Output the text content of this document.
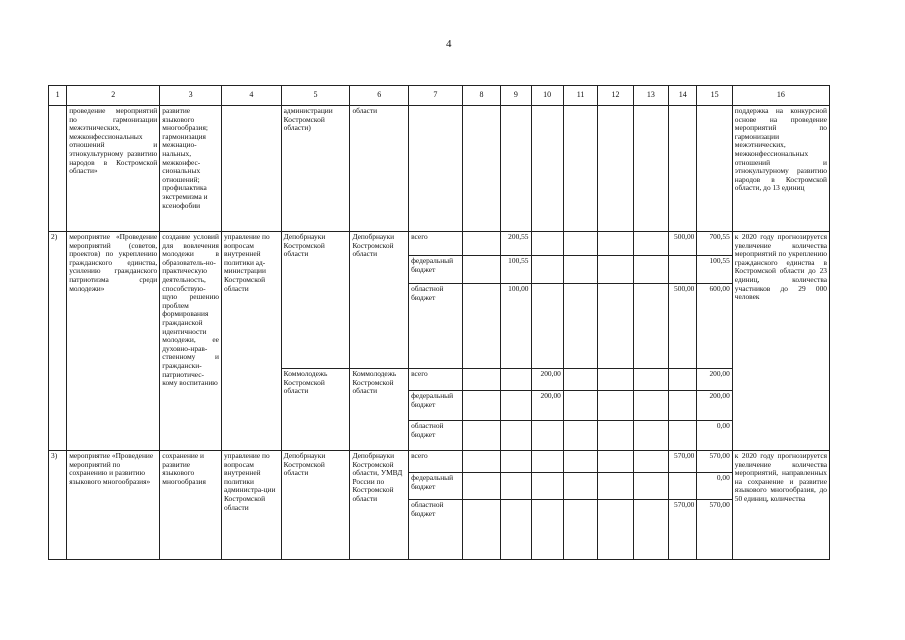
4
1	2	3	4	5	6	7	8	9	10	11	12	13	14	15	16
	проведение мероприятий по гармонизации межэтнических, межконфессиональных отношений и этнокультурному развитию народов в Костромской области»	развитие языкового многообразия; гармонизация межнацио-нальных, межконфес-сиональных отношений; профилактика экстремизма и ксенофобии		администрации Костромской области)	области										поддержка на конкурсной основе на проведение мероприятий по гармонизации межэтнических, межконфессиональных отношений и этнокультурному развитию народов в Костромской области, до 13 единиц
2)	мероприятие «Проведение мероприятий (советов, проектов) по укреплению гражданского единства, усилению гражданского патриотизма среди молодежи»	создание условий для вовлечения молодежи в образователь-но-практическую деятельность, способствую-щую решению проблем формирования гражданской идентичности молодежи, ее духовно-нрав-ственному и граждански-патриотичес-кому воспитанию	управление по вопросам внутренней политики ад-министрации Костромской области	Депобрнауки Костромской области	Депобрнауки Костромской области	всего		200,55					500,00	700,55	к 2020 году прогнозируется увеличение количества мероприятий по укреплению гражданского единства в Костромской области до 23 единиц, количества участников до 29 000 человек
						федеральный бюджет		100,55						100,55	
						областной бюджет		100,00					500,00	600,00	
				Коммолодежь Костромской области	Коммолодежь Костромской области	всего			200,00					200,00	
						федеральный бюджет			200,00					200,00	
						областной бюджет								0,00	
3)	мероприятие «Проведение мероприятий по сохранению и развитию языкового многообразия»	сохранение и развитие языкового многообразия	управление по вопросам внутренней политики администра-ции Костромской области	Депобрнауки Костромской области	Депобрнауки Костромской области, УМВД России по Костромской области	всего							570,00	570,00	к 2020 году прогнозируется увеличение количества мероприятий, направленных на сохранение и развитие языкового многообразия, до 50 единиц, количества
						федеральный бюджет								0,00	
						областной бюджет							570,00	570,00	
